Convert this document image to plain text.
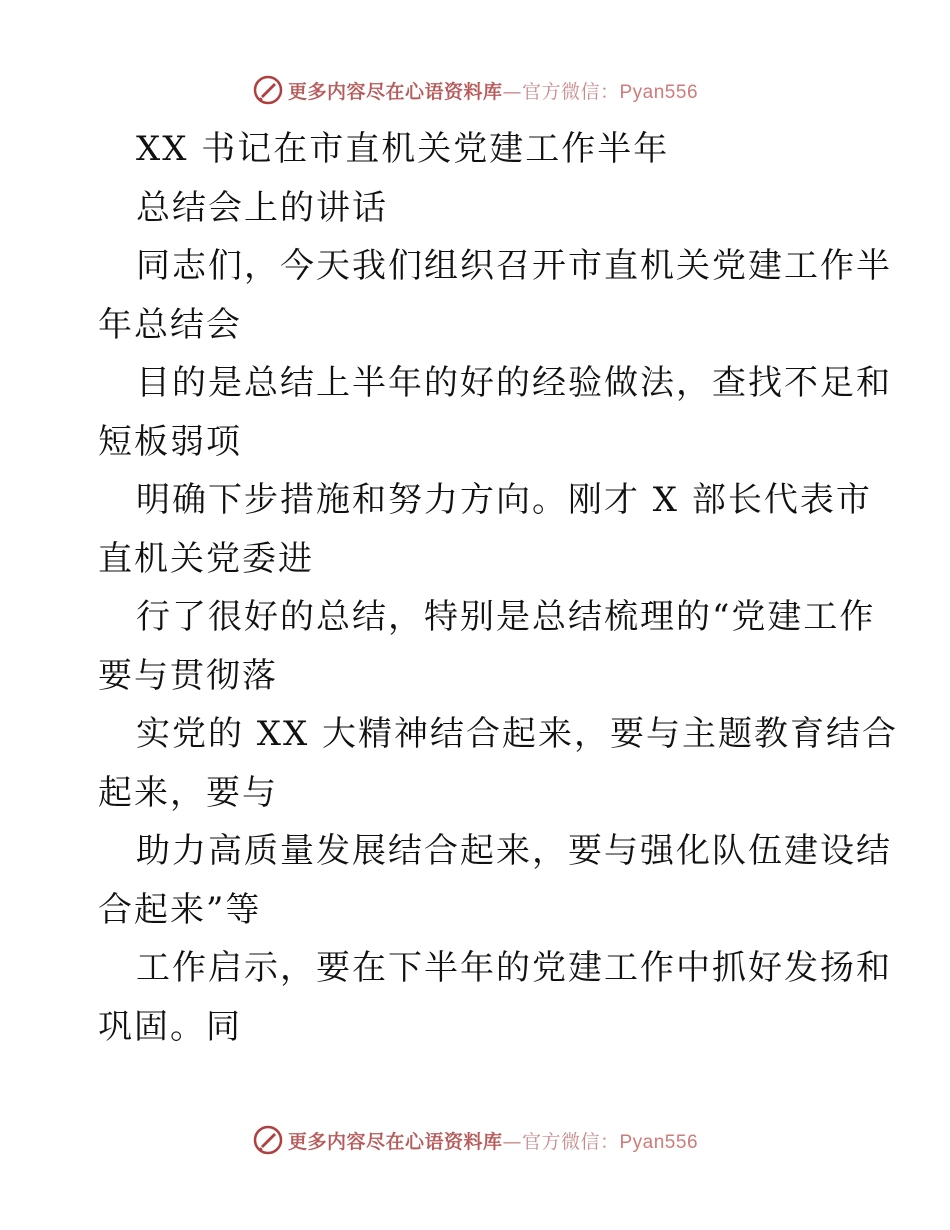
更多内容尽在心语资料库—官方微信：Pyan556

XX 书记在市直机关党建工作半年

总结会上的讲话

同志们，今天我们组织召开市直机关党建工作半

年总结会

目的是总结上半年的好的经验做法，查找不足和

短板弱项

明确下步措施和努力方向。刚才 X 部长代表市

直机关党委进

行了很好的总结，特别是总结梳理的“党建工作

要与贯彻落

实党的 XX 大精神结合起来，要与主题教育结合

起来，要与

助力高质量发展结合起来，要与强化队伍建设结

合起来”等

工作启示，要在下半年的党建工作中抓好发扬和

巩固。同

更多内容尽在心语资料库—官方微信：Pyan556
